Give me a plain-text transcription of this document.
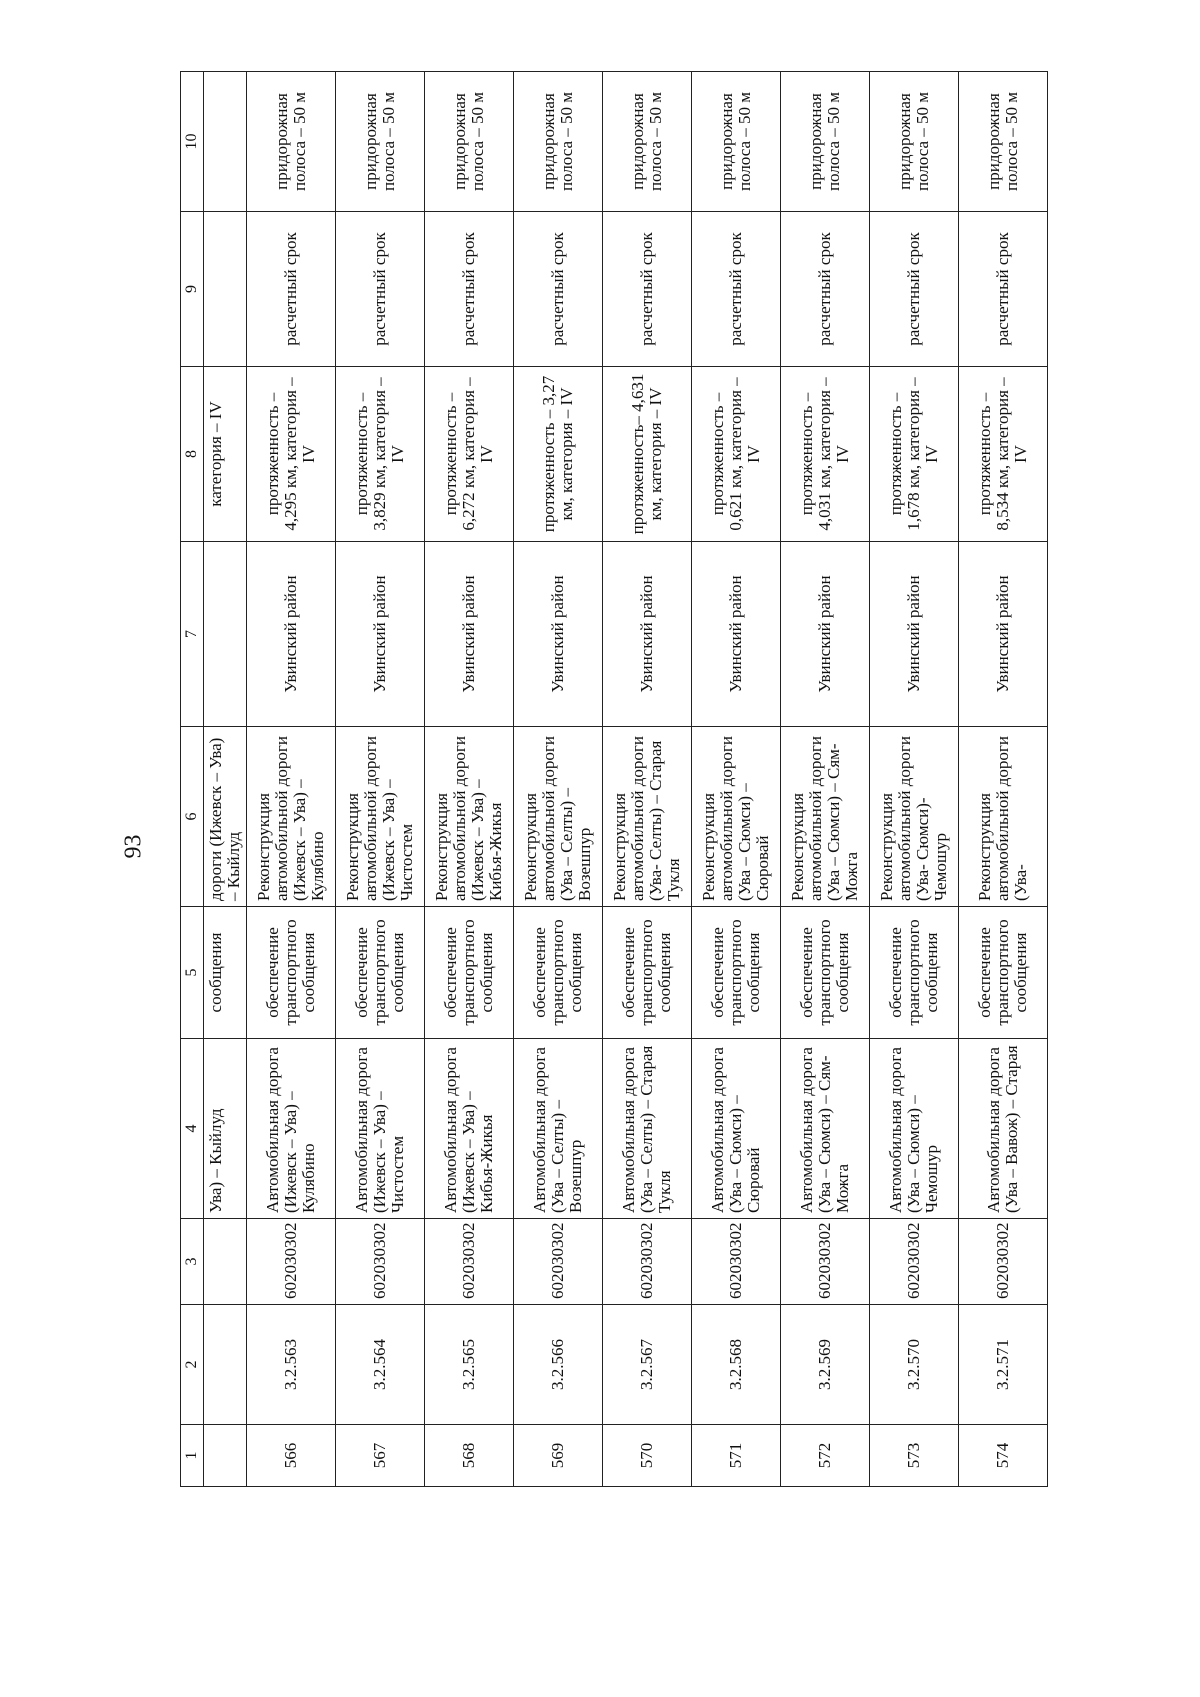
93
1	2	3	4	5	6	7	8	9	10
			Ува) – Кыйлуд	сообщения	дороги (Ижевск – Ува) – Кыйлуд		категория – IV		
566	3.2.563	602030302	Автомобильная дорога (Ижевск – Ува) – Кулябино	обеспечение транспортного сообщения	Реконструкция автомобильной дороги (Ижевск – Ува) – Кулябино	Увинский район	протяженность – 4,295 км, категория – IV	расчетный срок	придорожная полоса – 50 м
567	3.2.564	602030302	Автомобильная дорога (Ижевск – Ува) – Чистостем	обеспечение транспортного сообщения	Реконструкция автомобильной дороги (Ижевск – Ува) – Чистостем	Увинский район	протяженность – 3,829 км, категория – IV	расчетный срок	придорожная полоса – 50 м
568	3.2.565	602030302	Автомобильная дорога (Ижевск – Ува) – Кибья-Жикья	обеспечение транспортного сообщения	Реконструкция автомобильной дороги (Ижевск – Ува) – Кибья-Жикья	Увинский район	протяженность – 6,272 км, категория – IV	расчетный срок	придорожная полоса – 50 м
569	3.2.566	602030302	Автомобильная дорога (Ува – Селты) – Возешпур	обеспечение транспортного сообщения	Реконструкция автомобильной дороги (Ува – Селты) – Возешпур	Увинский район	протяженность – 3,27 км, категория – IV	расчетный срок	придорожная полоса – 50 м
570	3.2.567	602030302	Автомобильная дорога (Ува – Селты) – Старая Тукля	обеспечение транспортного сообщения	Реконструкция автомобильной дороги (Ува- Селты) – Старая Тукля	Увинский район	протяженность– 4,631 км, категория – IV	расчетный срок	придорожная полоса – 50 м
571	3.2.568	602030302	Автомобильная дорога (Ува – Сюмси) – Сюровай	обеспечение транспортного сообщения	Реконструкция автомобильной дороги (Ува – Сюмси) – Сюровай	Увинский район	протяженность – 0,621 км, категория – IV	расчетный срок	придорожная полоса – 50 м
572	3.2.569	602030302	Автомобильная дорога (Ува – Сюмси) – Сям-Можга	обеспечение транспортного сообщения	Реконструкция автомобильной дороги (Ува – Сюмси) – Сям-Можга	Увинский район	протяженность – 4,031 км, категория – IV	расчетный срок	придорожная полоса – 50 м
573	3.2.570	602030302	Автомобильная дорога (Ува – Сюмси) – Чемошур	обеспечение транспортного сообщения	Реконструкция автомобильной дороги (Ува- Сюмси)-Чемошур	Увинский район	протяженность – 1,678 км, категория – IV	расчетный срок	придорожная полоса – 50 м
574	3.2.571	602030302	Автомобильная дорога (Ува – Вавож) – Старая	обеспечение транспортного сообщения	Реконструкция автомобильной дороги (Ува-	Увинский район	протяженность – 8,534 км, категория – IV	расчетный срок	придорожная полоса – 50 м
